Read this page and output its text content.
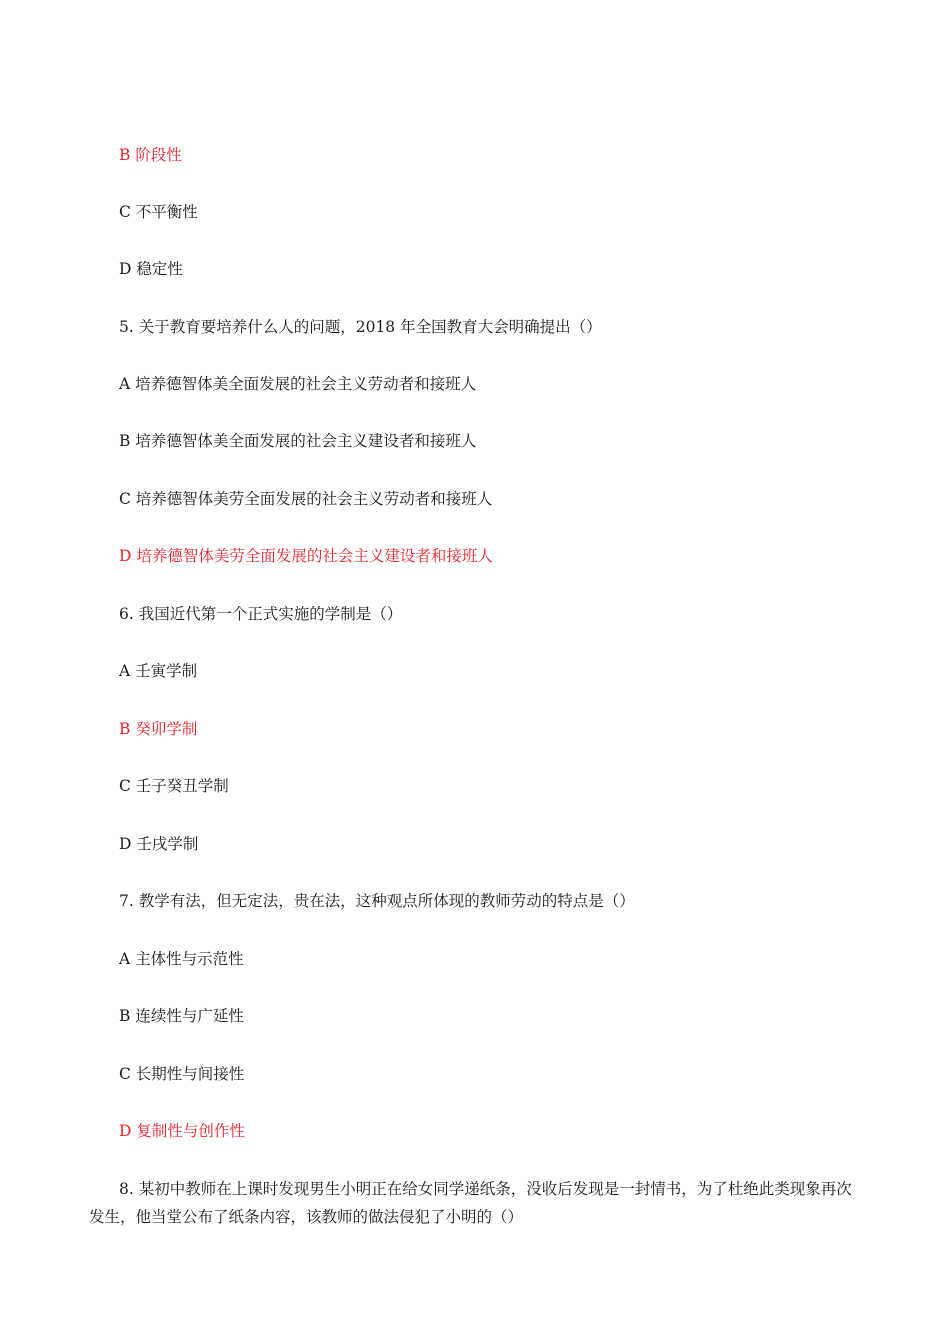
B 阶段性
C 不平衡性
D 稳定性
5. 关于教育要培养什么人的问题，2018 年全国教育大会明确提出（）
A 培养德智体美全面发展的社会主义劳动者和接班人
B 培养德智体美全面发展的社会主义建设者和接班人
C 培养德智体美劳全面发展的社会主义劳动者和接班人
D 培养德智体美劳全面发展的社会主义建设者和接班人
6. 我国近代第一个正式实施的学制是（）
A 壬寅学制
B 癸卯学制
C 壬子癸丑学制
D 壬戌学制
7. 教学有法，但无定法，贵在法，这种观点所体现的教师劳动的特点是（）
A 主体性与示范性
B 连续性与广延性
C 长期性与间接性
D 复制性与创作性
8. 某初中教师在上课时发现男生小明正在给女同学递纸条，没收后发现是一封情书，为了杜绝此类现象再次发生，他当堂公布了纸条内容，该教师的做法侵犯了小明的（）
